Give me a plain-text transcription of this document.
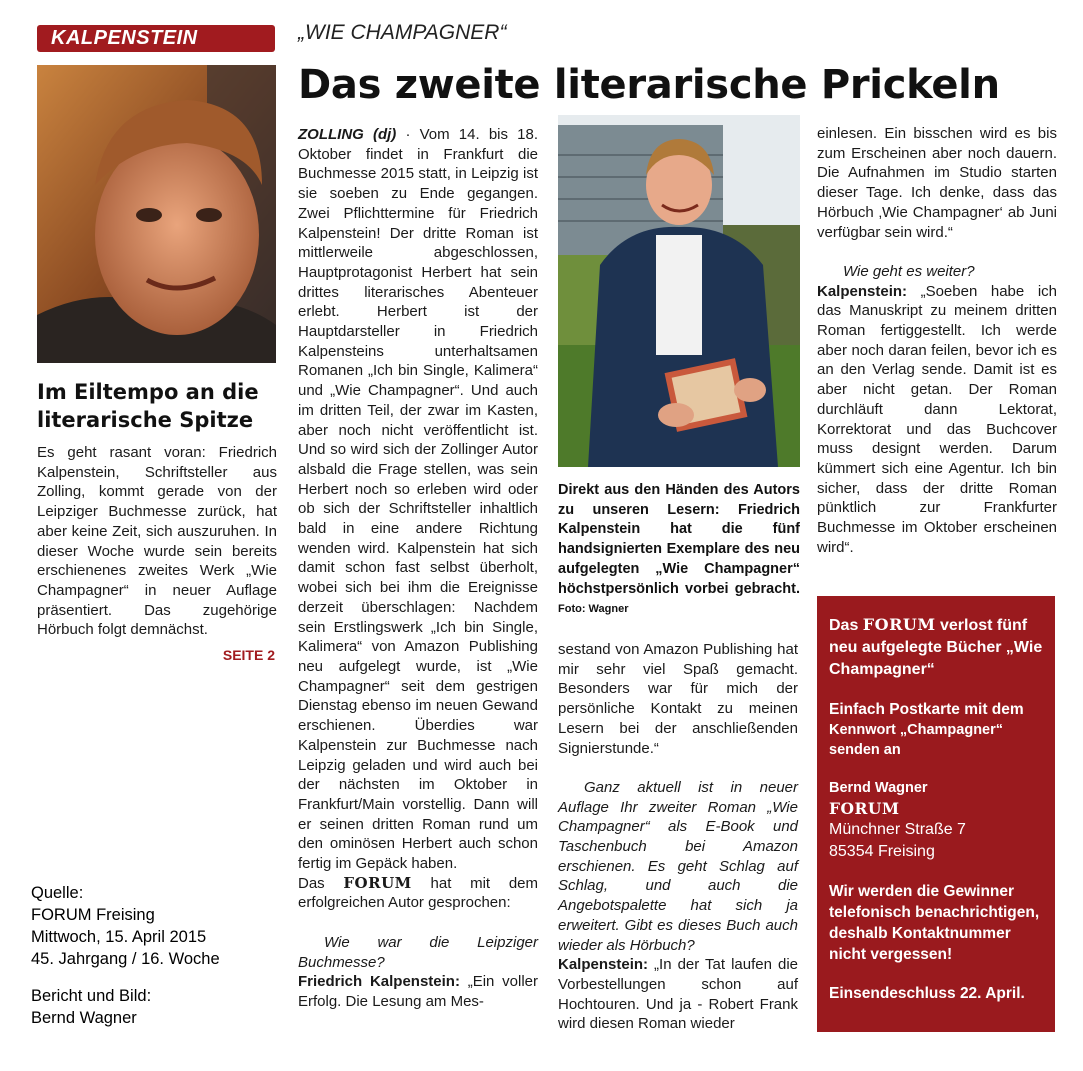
KALPENSTEIN	„WIE CHAMPAGNER“
Das zweite literarische Prickeln
Im Eiltempo an die literarische Spitze

Es geht rasant voran: Friedrich Kalpenstein, Schriftsteller aus Zolling, kommt gerade von der Leipziger Buchmesse zurück, hat aber keine Zeit, sich auszuruhen. In dieser Woche wurde sein bereits erschienenes zweites Werk „Wie Champagner“ in neuer Auflage präsentiert. Das zugehörige Hörbuch folgt demnächst.

SEITE 2

Quelle:

FORUM Freising

Mittwoch, 15. April 2015

45. Jahrgang / 16. Woche

Bericht und Bild:

Bernd Wagner

ZOLLING (dj) · Vom 14. bis 18. Oktober findet in Frankfurt die Buchmesse 2015 statt, in Leipzig ist sie soeben zu Ende gegangen. Zwei Pflichttermine für Friedrich Kalpenstein! Der dritte Roman ist mittlerweile abgeschlossen, Hauptprotagonist Herbert hat sein drittes literarisches Abenteuer erlebt. Herbert ist der Hauptdarsteller in Friedrich Kalpensteins unterhaltsamen Romanen „Ich bin Single, Kalimera“ und „Wie Champagner“. Und auch im dritten Teil, der zwar im Kasten, aber noch nicht veröffentlicht ist. Und so wird sich der Zollinger Autor alsbald die Frage stellen, was sein Herbert noch so erleben wird oder ob sich der Schriftsteller inhaltlich bald in eine andere Richtung wenden wird. Kalpenstein hat sich damit schon fast selbst überholt, wobei sich bei ihm die Ereignisse derzeit überschlagen: Nachdem sein Erstlingswerk „Ich bin Single, Kalimera“ von Amazon Publishing neu aufgelegt wurde, ist „Wie Champagner“ seit dem gestrigen Dienstag ebenso im neuen Gewand erschienen. Überdies war Kalpenstein zur Buchmesse nach Leipzig geladen und wird auch bei der nächsten im Oktober in Frankfurt/Main vorstellig. Dann will er seinen dritten Roman rund um den ominösen Herbert auch schon fertig im Gepäck haben.

Das FORUM hat mit dem erfolgreichen Autor gesprochen:

Wie war die Leipziger Buchmesse?

Friedrich Kalpenstein: „Ein voller Erfolg. Die Lesung am Mes-

Direkt aus den Händen des Autors zu unseren Lesern: Friedrich Kalpenstein hat die fünf handsignierten Exemplare des neu aufgelegten „Wie Champagner“ höchstpersönlich vorbei gebracht. Foto: Wagner

sestand von Amazon Publishing hat mir sehr viel Spaß gemacht. Besonders war für mich der persönliche Kontakt zu meinen Lesern bei der anschließenden Signierstunde.“

Ganz aktuell ist in neuer Auflage Ihr zweiter Roman „Wie Champagner“ als E-Book und Taschenbuch bei Amazon erschienen. Es geht Schlag auf Schlag, und auch die Angebotspalette hat sich ja erweitert. Gibt es dieses Buch auch wieder als Hörbuch?

Kalpenstein: „In der Tat laufen die Vorbestellungen schon auf Hochtouren. Und ja - Robert Frank wird diesen Roman wieder

einlesen. Ein bisschen wird es bis zum Erscheinen aber noch dauern. Die Aufnahmen im Studio starten dieser Tage. Ich denke, dass das Hörbuch ‚Wie Champagner‘ ab Juni verfügbar sein wird.“

Wie geht es weiter?

Kalpenstein: „Soeben habe ich das Manuskript zu meinem dritten Roman fertiggestellt. Ich werde aber noch daran feilen, bevor ich es an den Verlag sende. Damit ist es aber nicht getan. Der Roman durchläuft dann Lektorat, Korrektorat und das Buchcover muss designt werden. Darum kümmert sich eine Agentur. Ich bin sicher, dass der dritte Roman pünktlich zur Frankfurter Buchmesse im Oktober erscheinen wird“.

Das FORUM verlost fünf neu aufgelegte Bücher „Wie Champagner“

Einfach Postkarte mit dem

Kennwort „Champagner“ senden an

Bernd Wagner

FORUM

Münchner Straße 7

85354 Freising

Wir werden die Gewinner telefonisch benachrichtigen, deshalb Kontaktnummer nicht vergessen!

Einsendeschluss 22. April.
